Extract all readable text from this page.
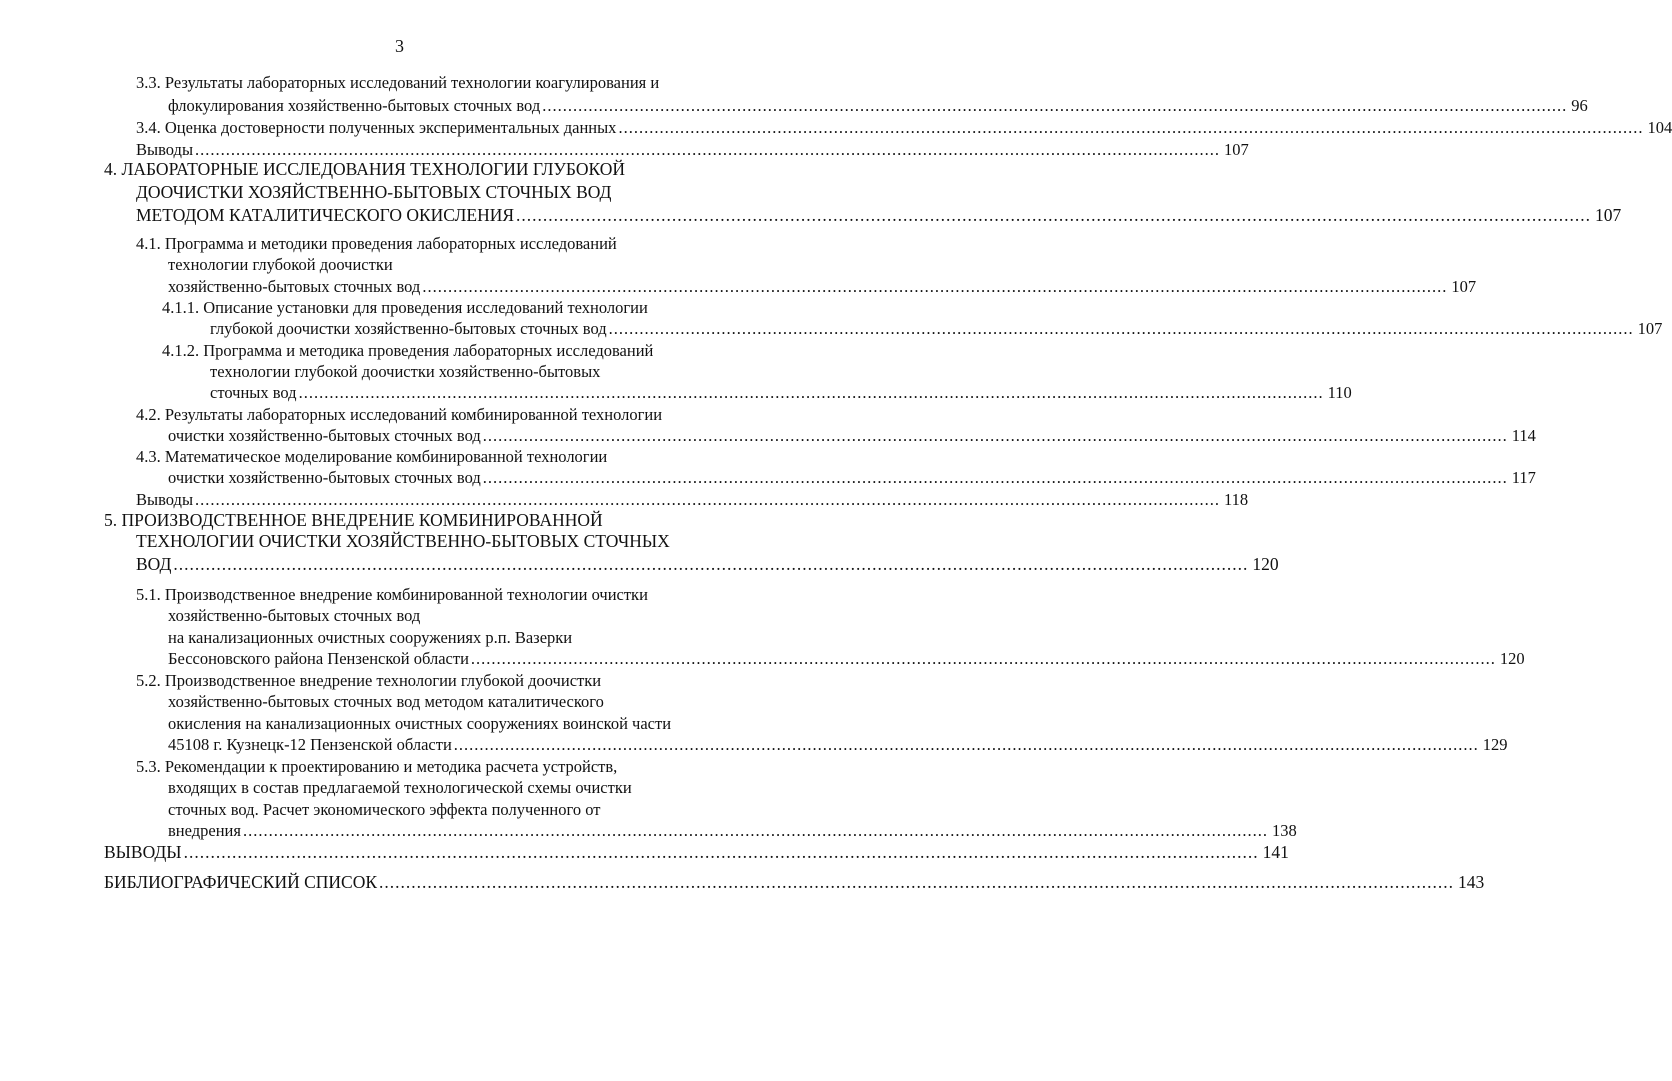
3
3.3. Результаты лабораторных исследований технологии коагулирования и
флокулирования хозяйственно-бытовых сточных вод ........................................................................................................................................................................................................ 96
3.4. Оценка достоверности полученных экспериментальных данных ........................................................................................................................................................................................................ 104
Выводы ........................................................................................................................................................................................................ 107
4. ЛАБОРАТОРНЫЕ ИССЛЕДОВАНИЯ ТЕХНОЛОГИИ ГЛУБОКОЙ
ДООЧИСТКИ ХОЗЯЙСТВЕННО-БЫТОВЫХ СТОЧНЫХ ВОД
МЕТОДОМ КАТАЛИТИЧЕСКОГО ОКИСЛЕНИЯ ........................................................................................................................................................................................................ 107
4.1. Программа и методики проведения лабораторных исследований
технологии глубокой доочистки
хозяйственно-бытовых сточных вод ........................................................................................................................................................................................................ 107
4.1.1. Описание установки для проведения исследований технологии
глубокой доочистки хозяйственно-бытовых сточных вод ........................................................................................................................................................................................................ 107
4.1.2. Программа и методика проведения лабораторных исследований
технологии глубокой доочистки хозяйственно-бытовых
сточных вод ........................................................................................................................................................................................................ 110
4.2. Результаты лабораторных исследований комбинированной технологии
очистки хозяйственно-бытовых сточных вод ........................................................................................................................................................................................................ 114
4.3. Математическое моделирование комбинированной технологии
очистки хозяйственно-бытовых сточных вод ........................................................................................................................................................................................................ 117
Выводы ........................................................................................................................................................................................................ 118
5. ПРОИЗВОДСТВЕННОЕ ВНЕДРЕНИЕ КОМБИНИРОВАННОЙ
ТЕХНОЛОГИИ ОЧИСТКИ ХОЗЯЙСТВЕННО-БЫТОВЫХ СТОЧНЫХ
ВОД ........................................................................................................................................................................................................ 120
5.1. Производственное внедрение комбинированной технологии очистки
хозяйственно-бытовых сточных вод
на канализационных очистных сооружениях р.п. Вазерки
Бессоновского района Пензенской области ........................................................................................................................................................................................................ 120
5.2. Производственное внедрение технологии глубокой доочистки
хозяйственно-бытовых сточных вод методом каталитического
окисления на канализационных очистных сооружениях воинской части
45108 г. Кузнецк-12 Пензенской области ........................................................................................................................................................................................................ 129
5.3. Рекомендации к проектированию и методика расчета устройств,
входящих в состав предлагаемой технологической схемы очистки
сточных вод. Расчет экономического эффекта полученного от
внедрения ........................................................................................................................................................................................................ 138
ВЫВОДЫ ........................................................................................................................................................................................................ 141
БИБЛИОГРАФИЧЕСКИЙ СПИСОК ........................................................................................................................................................................................................ 143
